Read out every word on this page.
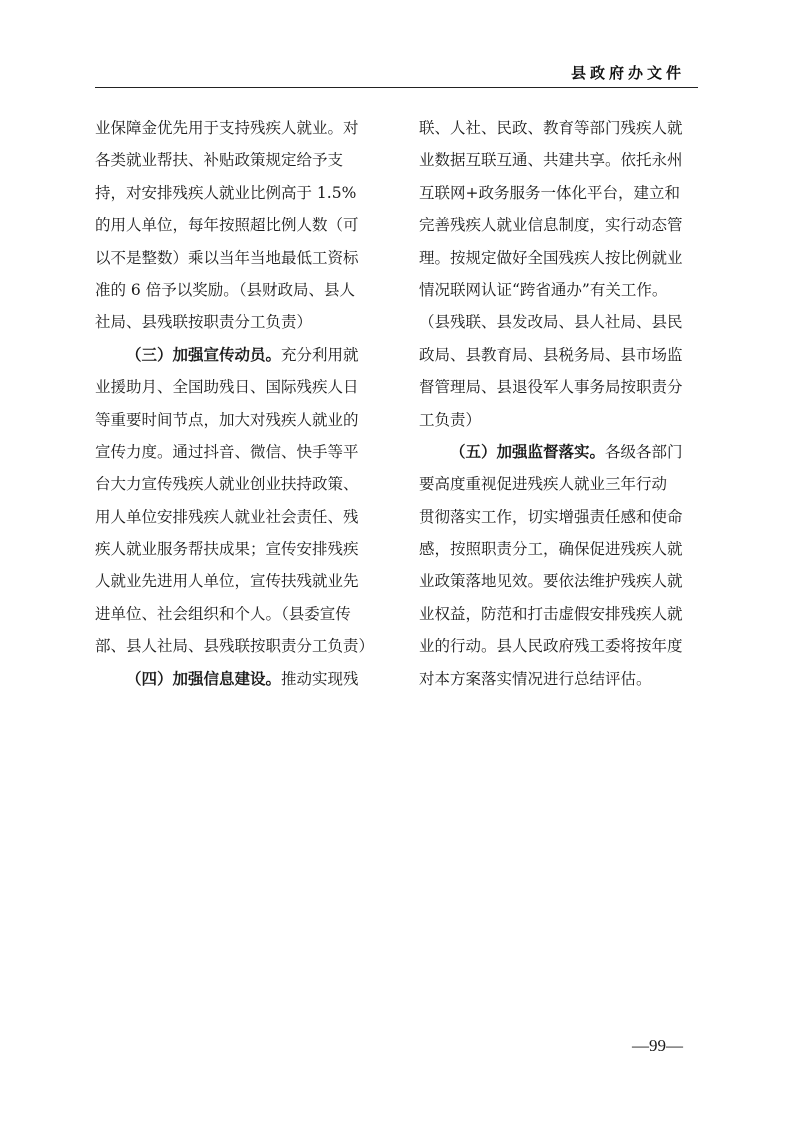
县政府办文件
业保障金优先用于支持残疾人就业。对
各类就业帮扶、补贴政策规定给予支
持，对安排残疾人就业比例高于 1.5%
的用人单位，每年按照超比例人数（可
以不是整数）乘以当年当地最低工资标
准的 6 倍予以奖励。（县财政局、县人
社局、县残联按职责分工负责）
（三）加强宣传动员。充分利用就
业援助月、全国助残日、国际残疾人日
等重要时间节点，加大对残疾人就业的
宣传力度。通过抖音、微信、快手等平
台大力宣传残疾人就业创业扶持政策、
用人单位安排残疾人就业社会责任、残
疾人就业服务帮扶成果；宣传安排残疾
人就业先进用人单位，宣传扶残就业先
进单位、社会组织和个人。（县委宣传
部、县人社局、县残联按职责分工负责）
（四）加强信息建设。推动实现残
联、人社、民政、教育等部门残疾人就
业数据互联互通、共建共享。依托永州
互联网+政务服务一体化平台，建立和
完善残疾人就业信息制度，实行动态管
理。按规定做好全国残疾人按比例就业
情况联网认证“跨省通办”有关工作。
（县残联、县发改局、县人社局、县民
政局、县教育局、县税务局、县市场监
督管理局、县退役军人事务局按职责分
工负责）
（五）加强监督落实。各级各部门
要高度重视促进残疾人就业三年行动
贯彻落实工作，切实增强责任感和使命
感，按照职责分工，确保促进残疾人就
业政策落地见效。要依法维护残疾人就
业权益，防范和打击虚假安排残疾人就
业的行动。县人民政府残工委将按年度
对本方案落实情况进行总结评估。
—99—
